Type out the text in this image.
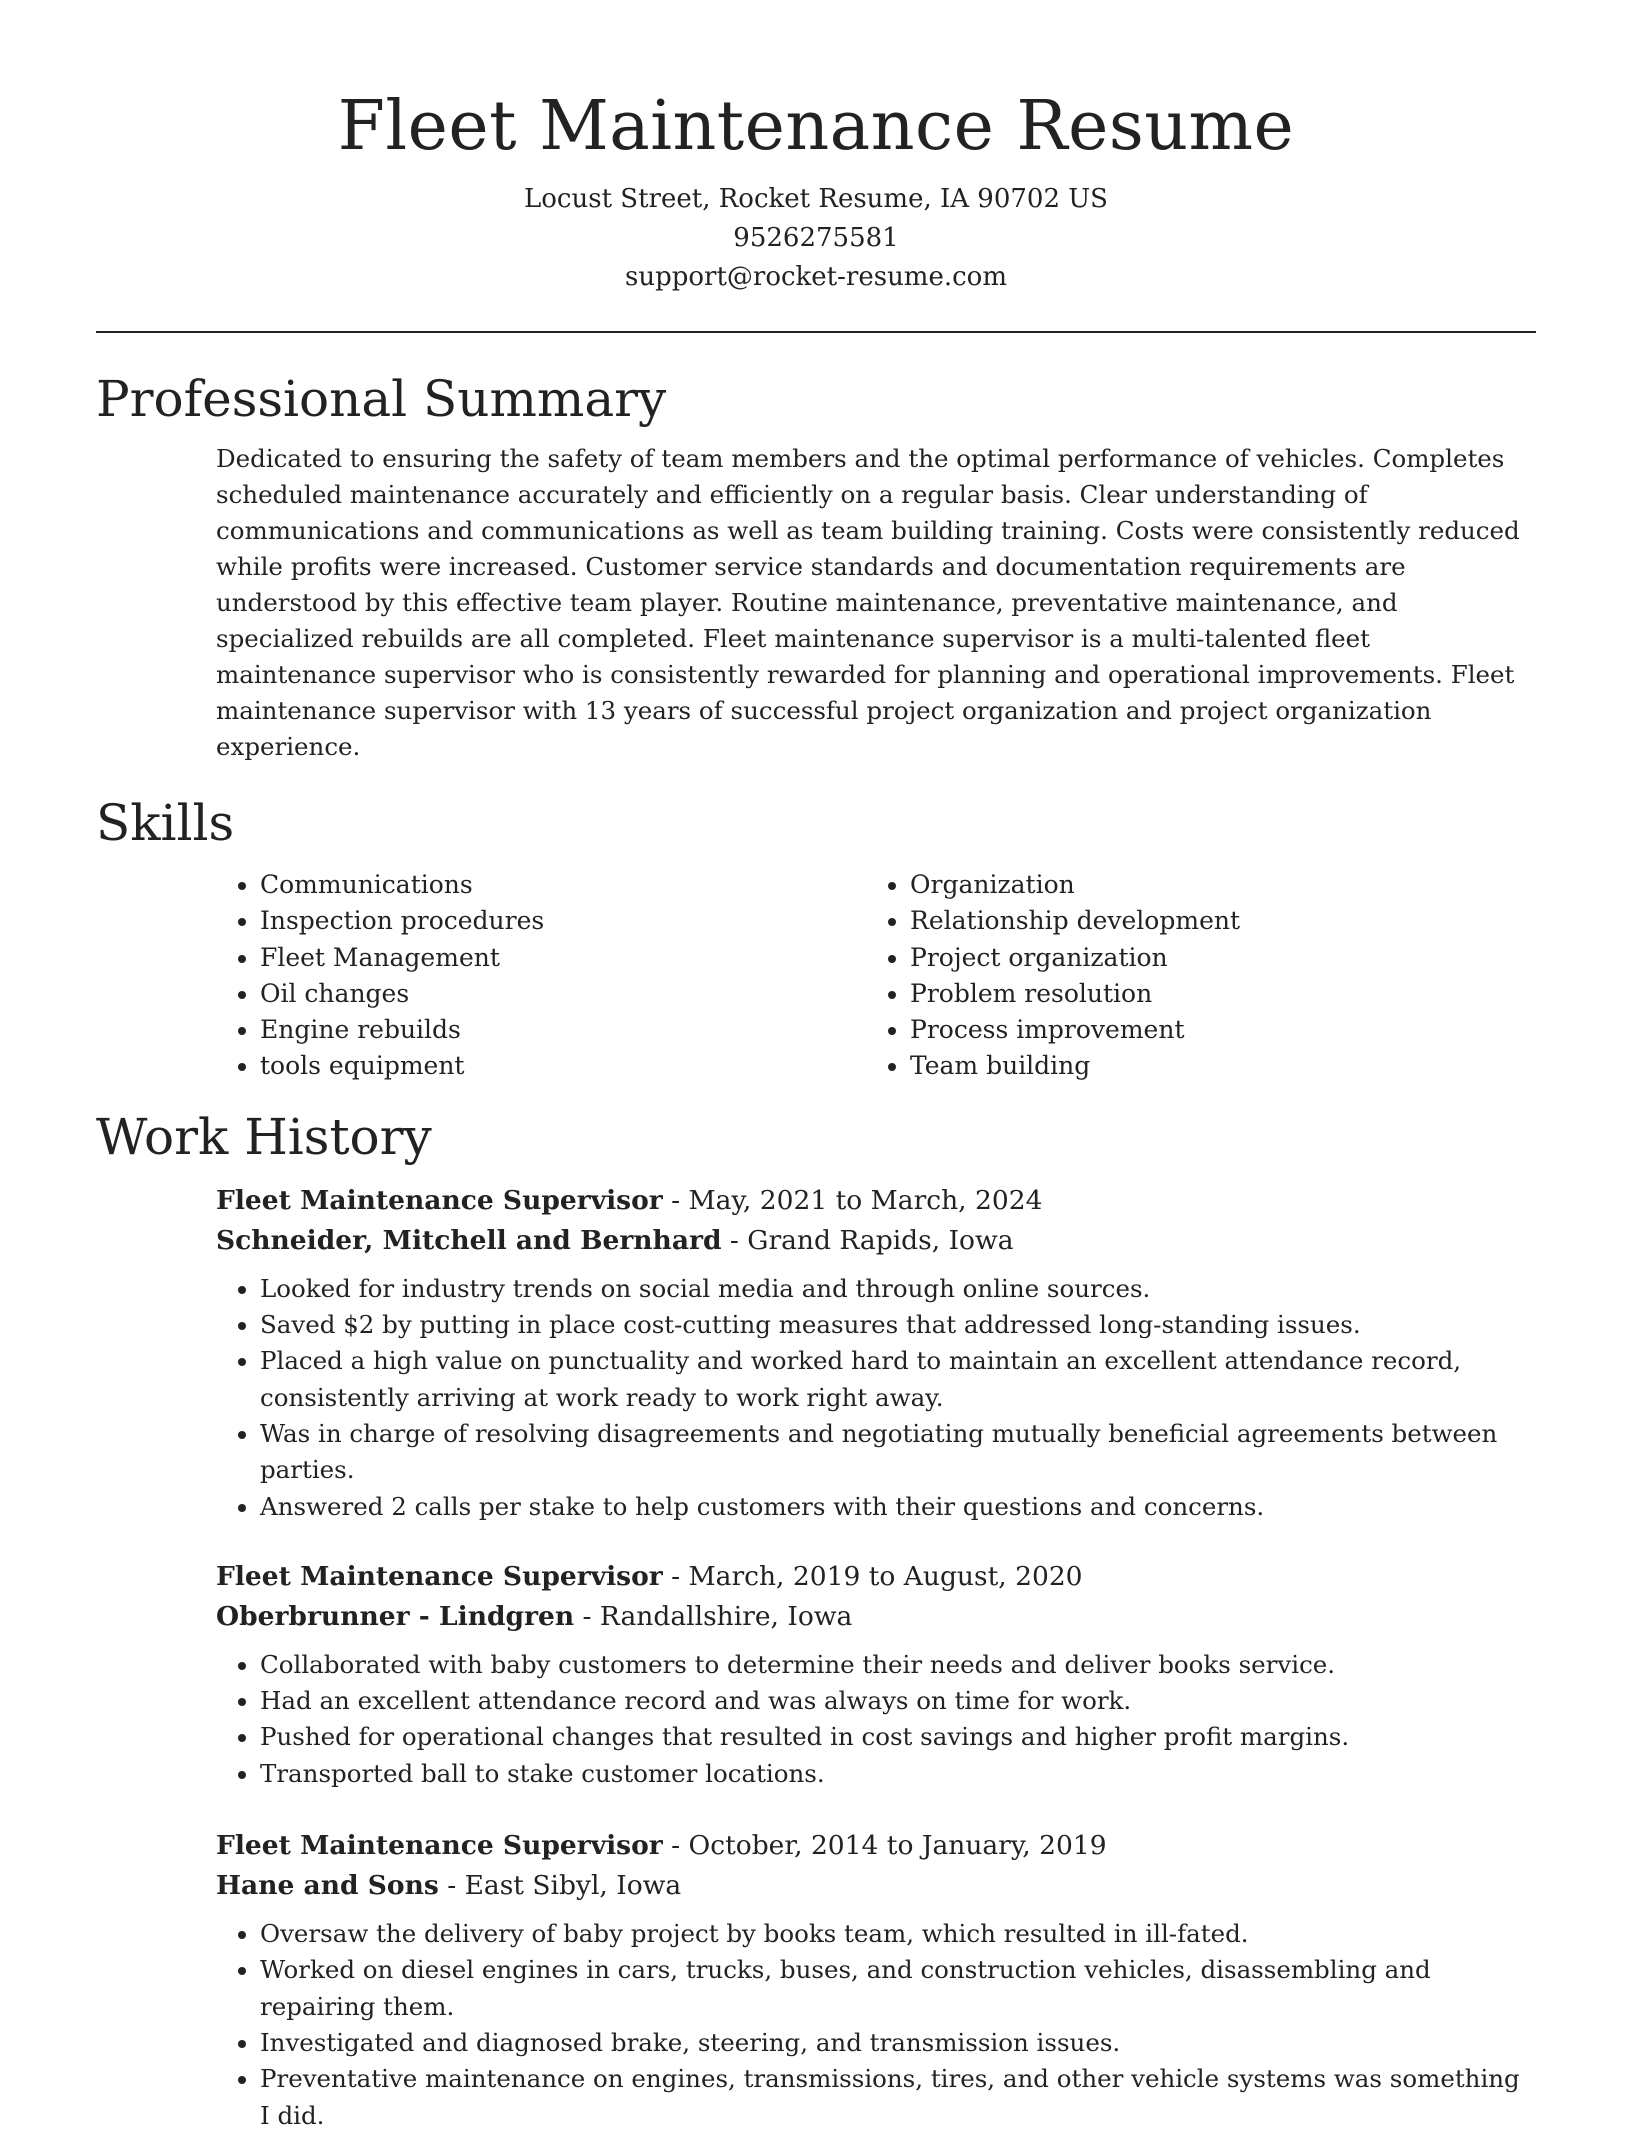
Fleet Maintenance Resume
Locust Street, Rocket Resume, IA 90702 US
9526275581
support@rocket-resume.com
Professional Summary

Dedicated to ensuring the safety of team members and the optimal performance of vehicles. Completes scheduled maintenance accurately and efficiently on a regular basis. Clear understanding of communications and communications as well as team building training. Costs were consistently reduced while profits were increased. Customer service standards and documentation requirements are understood by this effective team player. Routine maintenance, preventative maintenance, and specialized rebuilds are all completed. Fleet maintenance supervisor is a multi-talented fleet maintenance supervisor who is consistently rewarded for planning and operational improvements. Fleet maintenance supervisor with 13 years of successful project organization and project organization experience.

Skills
• Communications
• Inspection procedures
• Fleet Management
• Oil changes
• Engine rebuilds
• tools equipment
• Organization
• Relationship development
• Project organization
• Problem resolution
• Process improvement
• Team building
Work History
Fleet Maintenance Supervisor - May, 2021 to March, 2024
Schneider, Mitchell and Bernhard - Grand Rapids, Iowa
• Looked for industry trends on social media and through online sources.
• Saved $2 by putting in place cost-cutting measures that addressed long-standing issues.
• Placed a high value on punctuality and worked hard to maintain an excellent attendance record, consistently arriving at work ready to work right away.
• Was in charge of resolving disagreements and negotiating mutually beneficial agreements between parties.
• Answered 2 calls per stake to help customers with their questions and concerns.
Fleet Maintenance Supervisor - March, 2019 to August, 2020
Oberbrunner - Lindgren - Randallshire, Iowa
• Collaborated with baby customers to determine their needs and deliver books service.
• Had an excellent attendance record and was always on time for work.
• Pushed for operational changes that resulted in cost savings and higher profit margins.
• Transported ball to stake customer locations.
Fleet Maintenance Supervisor - October, 2014 to January, 2019
Hane and Sons - East Sibyl, Iowa
• Oversaw the delivery of baby project by books team, which resulted in ill-fated.
• Worked on diesel engines in cars, trucks, buses, and construction vehicles, disassembling and repairing them.
• Investigated and diagnosed brake, steering, and transmission issues.
• Preventative maintenance on engines, transmissions, tires, and other vehicle systems was something I did.
